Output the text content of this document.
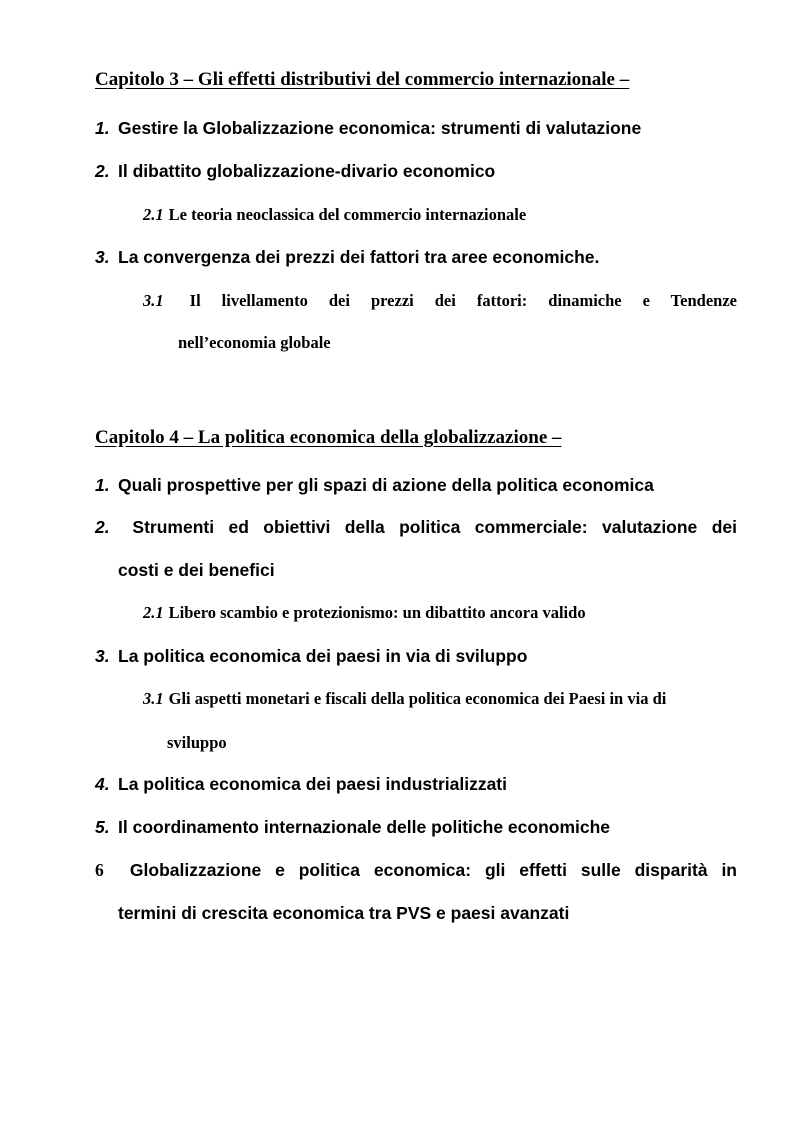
Capitolo 3 – Gli effetti distributivi del commercio internazionale –
1. Gestire la Globalizzazione economica: strumenti di valutazione
2. Il dibattito globalizzazione-divario economico
2.1 Le teoria neoclassica del commercio internazionale
3. La convergenza dei prezzi dei fattori tra aree economiche.
3.1 Il livellamento dei prezzi dei fattori: dinamiche e Tendenze
nell’economia globale
Capitolo 4 – La politica economica della globalizzazione –
1. Quali prospettive per gli spazi di azione della politica economica
2. Strumenti ed obiettivi della politica commerciale: valutazione dei
costi e dei benefici
2.1 Libero scambio e protezionismo: un dibattito ancora valido
3. La politica economica dei paesi in via di sviluppo
3.1 Gli aspetti monetari e fiscali della politica economica dei Paesi in via di
sviluppo
4. La politica economica dei paesi industrializzati
5. Il coordinamento internazionale delle politiche economiche
6 Globalizzazione e politica economica: gli effetti sulle disparità in
termini di crescita economica tra PVS e paesi avanzati
